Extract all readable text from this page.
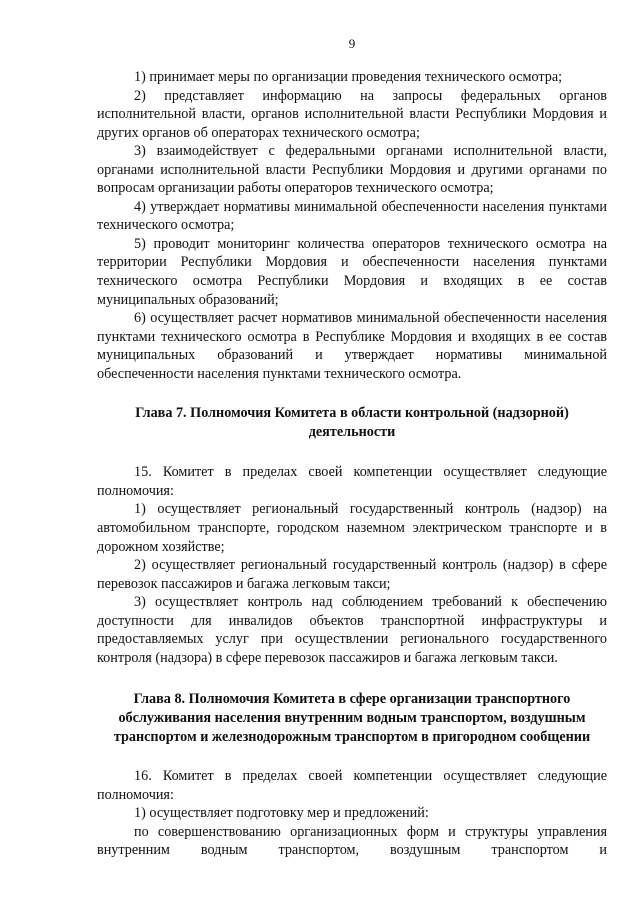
9

1) принимает меры по организации проведения технического осмотра;

2) представляет информацию на запросы федеральных органов исполнительной власти, органов исполнительной власти Республики Мордовия и других органов об операторах технического осмотра;

3) взаимодействует с федеральными органами исполнительной власти, органами исполнительной власти Республики Мордовия и другими органами по вопросам организации работы операторов технического осмотра;

4) утверждает нормативы минимальной обеспеченности населения пунктами технического осмотра;

5) проводит мониторинг количества операторов технического осмотра на территории Республики Мордовия и обеспеченности населения пунктами технического осмотра Республики Мордовия и входящих в ее состав муниципальных образований;

6) осуществляет расчет нормативов минимальной обеспеченности населения пунктами технического осмотра в Республике Мордовия и входящих в ее состав муниципальных образований и утверждает нормативы минимальной обеспеченности населения пунктами технического осмотра.

Глава 7. Полномочия Комитета в области контрольной (надзорной) деятельности

15. Комитет в пределах своей компетенции осуществляет следующие полномочия:

1) осуществляет региональный государственный контроль (надзор) на автомобильном транспорте, городском наземном электрическом транспорте и в дорожном хозяйстве;

2) осуществляет региональный государственный контроль (надзор) в сфере перевозок пассажиров и багажа легковым такси;

3) осуществляет контроль над соблюдением требований к обеспечению доступности для инвалидов объектов транспортной инфраструктуры и предоставляемых услуг при осуществлении регионального государственного контроля (надзора) в сфере перевозок пассажиров и багажа легковым такси.

Глава 8. Полномочия Комитета в сфере организации транспортного обслуживания населения внутренним водным транспортом, воздушным транспортом и железнодорожным транспортом в пригородном сообщении

16. Комитет в пределах своей компетенции осуществляет следующие полномочия:

1) осуществляет подготовку мер и предложений:

по совершенствованию организационных форм и структуры управления внутренним водным транспортом, воздушным транспортом и
